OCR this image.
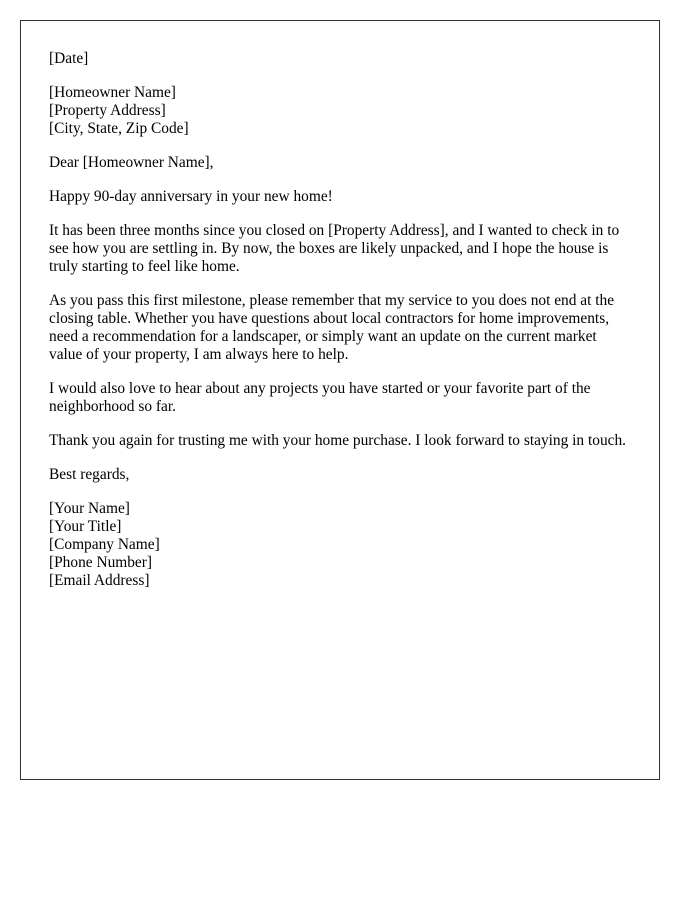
[Date]
[Homeowner Name]
[Property Address]
[City, State, Zip Code]

Dear [Homeowner Name],

Happy 90-day anniversary in your new home!

It has been three months since you closed on [Property Address], and I wanted to check in to see how you are settling in. By now, the boxes are likely unpacked, and I hope the house is truly starting to feel like home.

As you pass this first milestone, please remember that my service to you does not end at the closing table. Whether you have questions about local contractors for home improvements, need a recommendation for a landscaper, or simply want an update on the current market value of your property, I am always here to help.

I would also love to hear about any projects you have started or your favorite part of the neighborhood so far.

Thank you again for trusting me with your home purchase. I look forward to staying in touch.

Best regards,

[Your Name]
[Your Title]
[Company Name]
[Phone Number]
[Email Address]
